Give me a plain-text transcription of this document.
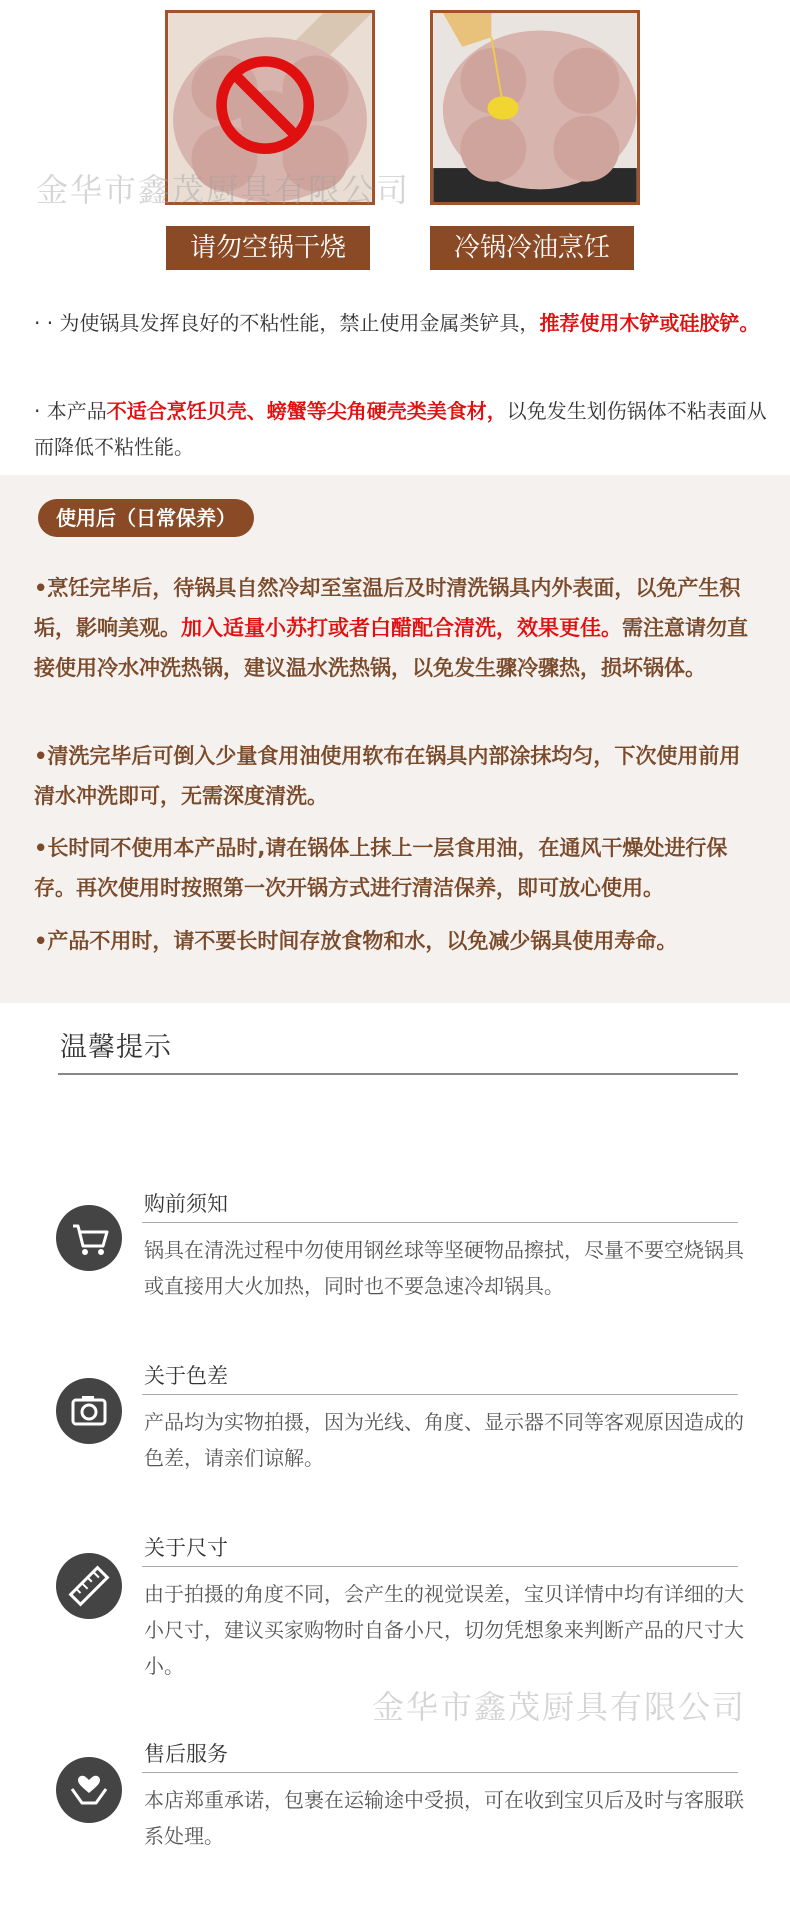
请勿空锅干烧	冷锅冷油烹饪
金华市鑫茂厨具有限公司
· · 为使锅具发挥良好的不粘性能，禁止使用金属类铲具，推荐使用木铲或硅胶铲。
· 本产品不适合烹饪贝壳、螃蟹等尖角硬壳类美食材，以免发生划伤锅体不粘表面从而降低不粘性能。
使用后（日常保养）
•烹饪完毕后，待锅具自然冷却至室温后及时清洗锅具内外表面，以免产生积垢，影响美观。加入适量小苏打或者白醋配合清洗，效果更佳。需注意请勿直接使用冷水冲洗热锅，建议温水洗热锅，以免发生骤冷骤热，损坏锅体。
•清洗完毕后可倒入少量食用油使用软布在锅具内部涂抹均匀，下次使用前用清水冲洗即可，无需深度清洗。
•长时同不使用本产品时,请在锅体上抹上一层食用油，在通风干燥处进行保存。再次使用时按照第一次开锅方式进行清洁保养，即可放心使用。
•产品不用时，请不要长时间存放食物和水，以免减少锅具使用寿命。
温馨提示
购前须知
锅具在清洗过程中勿使用钢丝球等坚硬物品擦拭，尽量不要空烧锅具或直接用大火加热，同时也不要急速冷却锅具。
关于色差
产品均为实物拍摄，因为光线、角度、显示器不同等客观原因造成的色差，请亲们谅解。
关于尺寸
由于拍摄的角度不同，会产生的视觉误差，宝贝详情中均有详细的大小尺寸，建议买家购物时自备小尺，切勿凭想象来判断产品的尺寸大小。
售后服务
本店郑重承诺，包裹在运输途中受损，可在收到宝贝后及时与客服联系处理。
金华市鑫茂厨具有限公司
